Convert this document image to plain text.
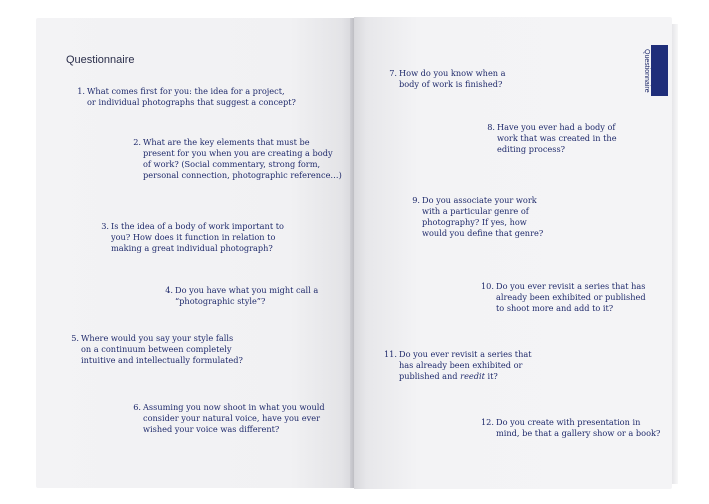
Questionnaire
1. What comes first for you: the idea for a project,
or individual photographs that suggest a concept?
2. What are the key elements that must be
present for you when you are creating a body
of work? (Social commentary, strong form,
personal connection, photographic reference…)
3. Is the idea of a body of work important to
you? How does it function in relation to
making a great individual photograph?
4. Do you have what you might call a
“photographic style”?
5. Where would you say your style falls
on a continuum between completely
intuitive and intellectually formulated?
6. Assuming you now shoot in what you would
consider your natural voice, have you ever
wished your voice was different?
Questionnaire
7. How do you know when a
body of work is finished?
8. Have you ever had a body of
work that was created in the
editing process?
9. Do you associate your work
with a particular genre of
photography? If yes, how
would you define that genre?
10. Do you ever revisit a series that has
already been exhibited or published
to shoot more and add to it?
11. Do you ever revisit a series that
has already been exhibited or
published and reedit it?
12. Do you create with presentation in
mind, be that a gallery show or a book?
